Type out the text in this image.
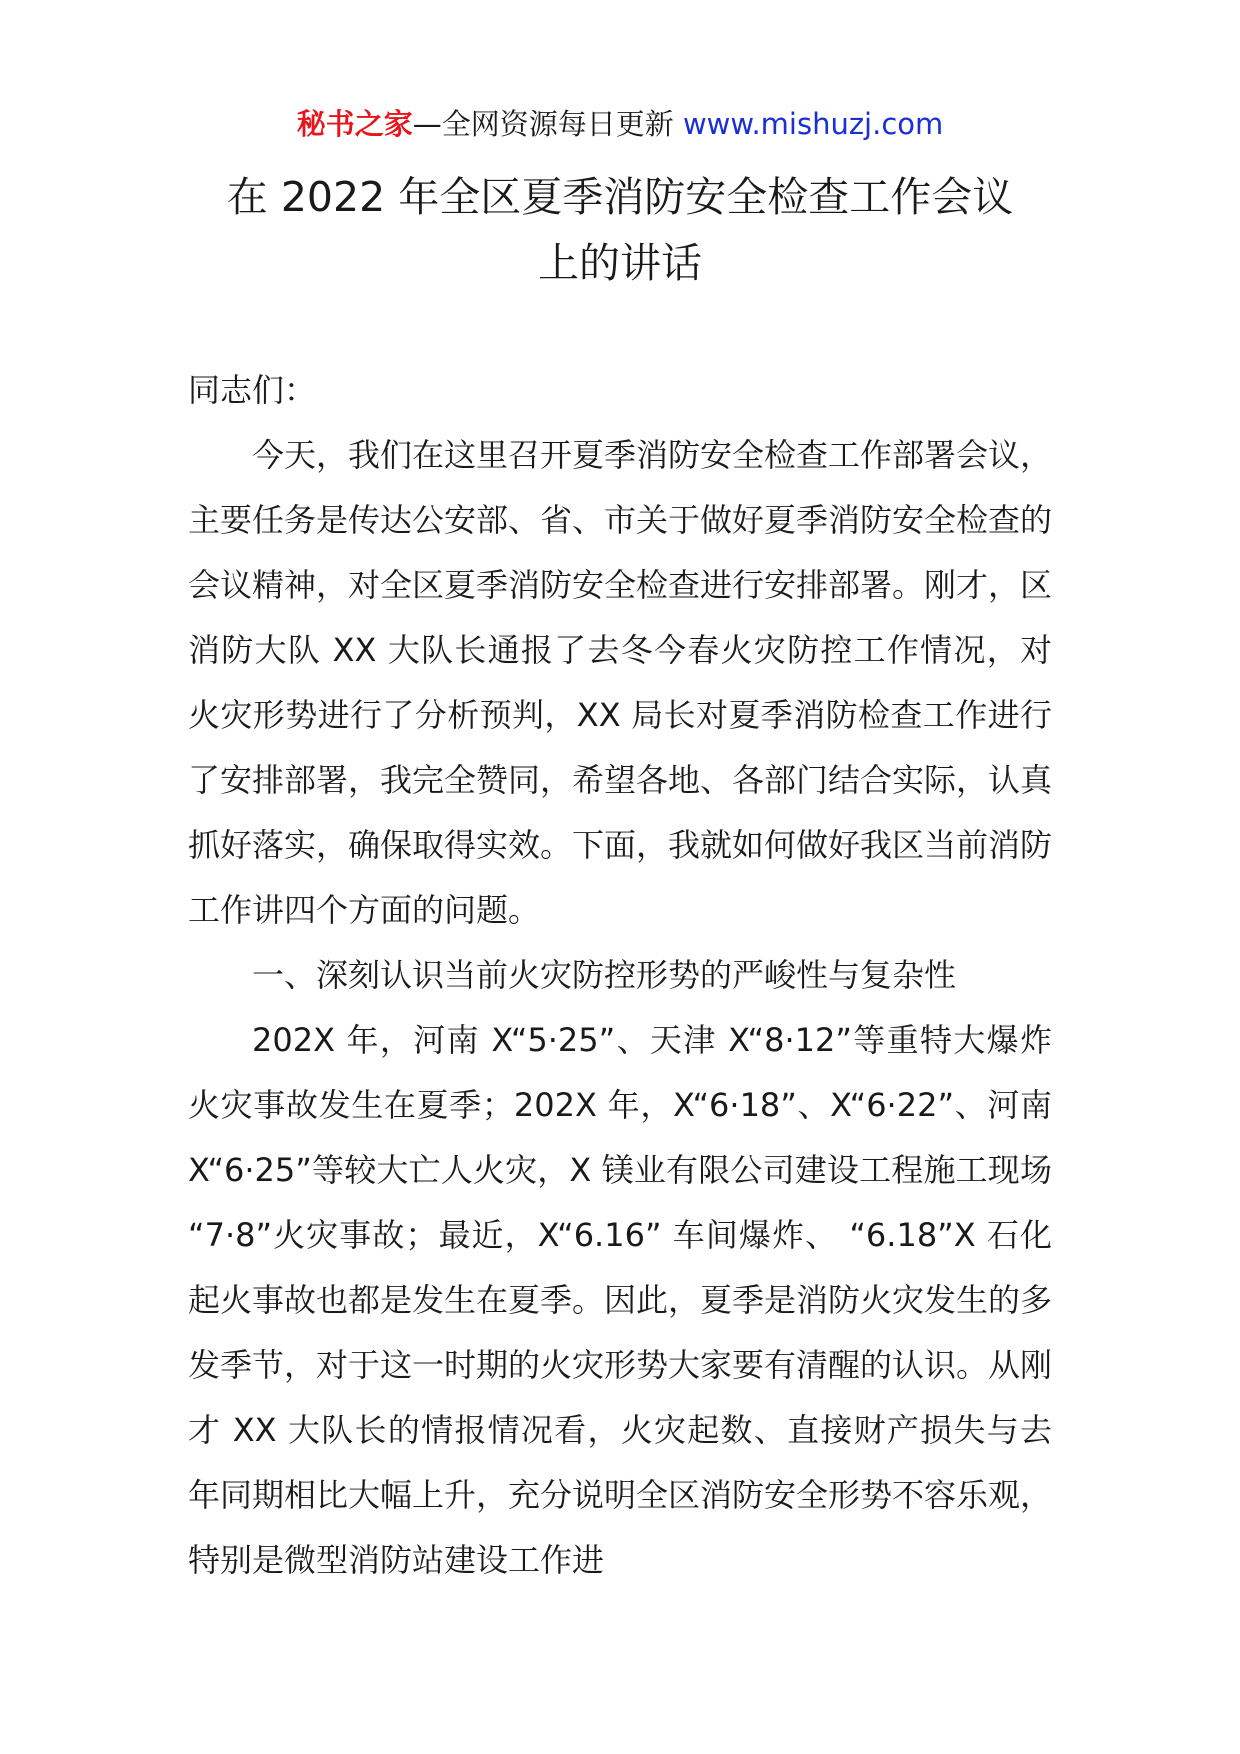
秘书之家—全网资源每日更新 www.mishuzj.com
在 2022 年全区夏季消防安全检查工作会议
上的讲话

同志们：

今天，我们在这里召开夏季消防安全检查工作部署会议，主要任务是传达公安部、省、市关于做好夏季消防安全检查的会议精神，对全区夏季消防安全检查进行安排部署。刚才，区消防大队 XX 大队长通报了去冬今春火灾防控工作情况，对火灾形势进行了分析预判，XX 局长对夏季消防检查工作进行了安排部署，我完全赞同，希望各地、各部门结合实际，认真抓好落实，确保取得实效。下面，我就如何做好我区当前消防工作讲四个方面的问题。

一、深刻认识当前火灾防控形势的严峻性与复杂性

202X 年，河南 X“5·25”、天津 X“8·12”等重特大爆炸火灾事故发生在夏季；202X 年，X“6·18”、X“6·22”、河南 X“6·25”等较大亡人火灾，X 镁业有限公司建设工程施工现场 “7·8”火灾事故；最近，X“6.16” 车间爆炸、 “6.18”X 石化起火事故也都是发生在夏季。因此，夏季是消防火灾发生的多发季节，对于这一时期的火灾形势大家要有清醒的认识。从刚才 XX 大队长的情报情况看，火灾起数、直接财产损失与去年同期相比大幅上升，充分说明全区消防安全形势不容乐观，特别是微型消防站建设工作进
